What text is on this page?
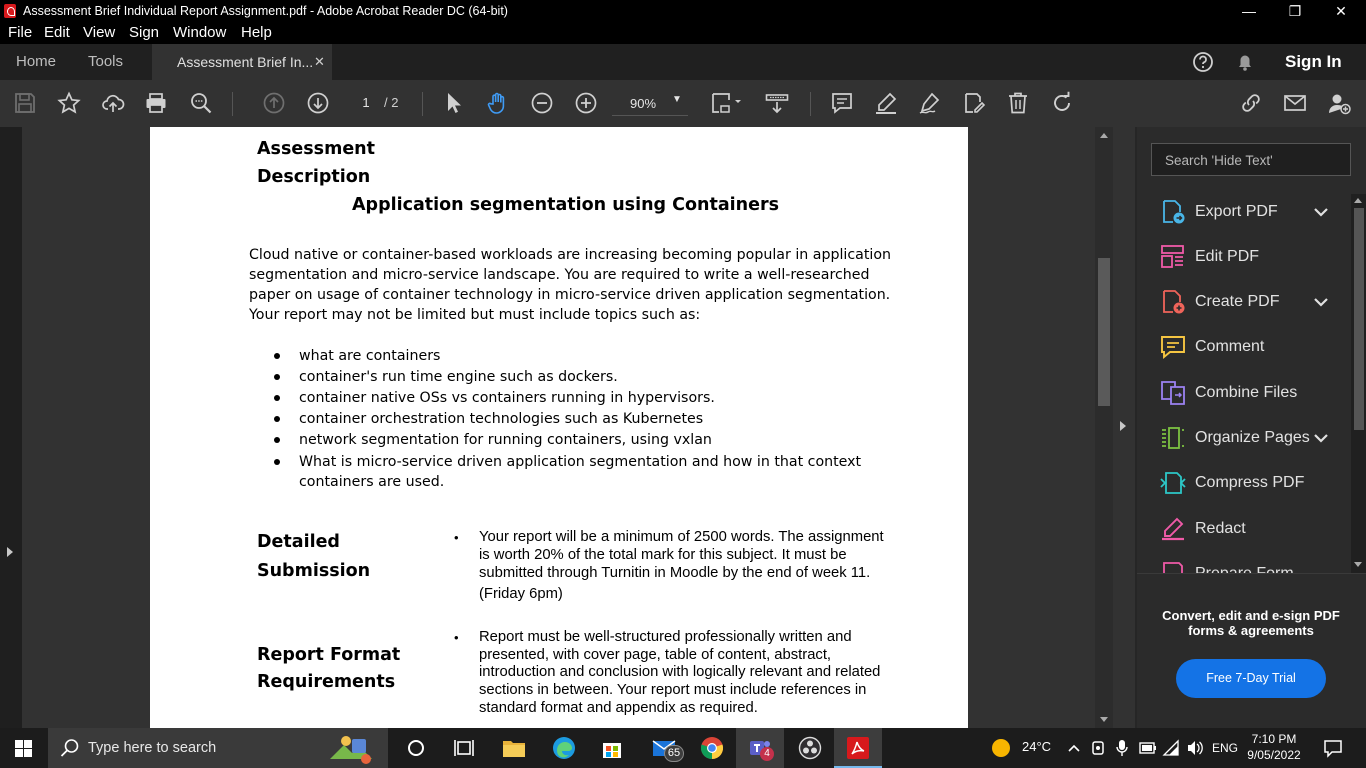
Assessment Brief Individual Report Assignment.pdf - Adobe Acrobat Reader DC (64-bit)	—	❐	✕
File Edit View Sign Window Help
Home Tools	Assessment Brief In... ✕	Sign In
1	/ 2	90% ▼
Assessment
Description
Application segmentation using Containers
Cloud native or container-based workloads are increasing becoming popular in application
segmentation and micro-service landscape. You are required to write a well-researched
paper on usage of container technology in micro-service driven application segmentation.
Your report may not be limited but must include topics such as:
what are containers
container's run time engine such as dockers.
container native OSs vs containers running in hypervisors.
container orchestration technologies such as Kubernetes
network segmentation for running containers, using vxlan
What is micro-service driven application segmentation and how in that context
containers are used.
Detailed
Submission
• Your report will be a minimum of 2500 words. The assignment
is worth 20% of the total mark for this subject. It must be
submitted through Turnitin in Moodle by the end of week 11.
(Friday 6pm)
Report Format
Requirements
• Report must be well-structured professionally written and
presented, with cover page, table of content, abstract,
introduction and conclusion with logically relevant and related
sections in between. Your report must include references in
standard format and appendix as required.
Search 'Hide Text'
Export PDF
Edit PDF
Create PDF
Comment
Combine Files
Organize Pages
Compress PDF
Redact
Convert, edit and e-sign PDF forms & agreements
Free 7-Day Trial
Type here to search	65	4	24°C	ENG
7:10 PM
9/05/2022
